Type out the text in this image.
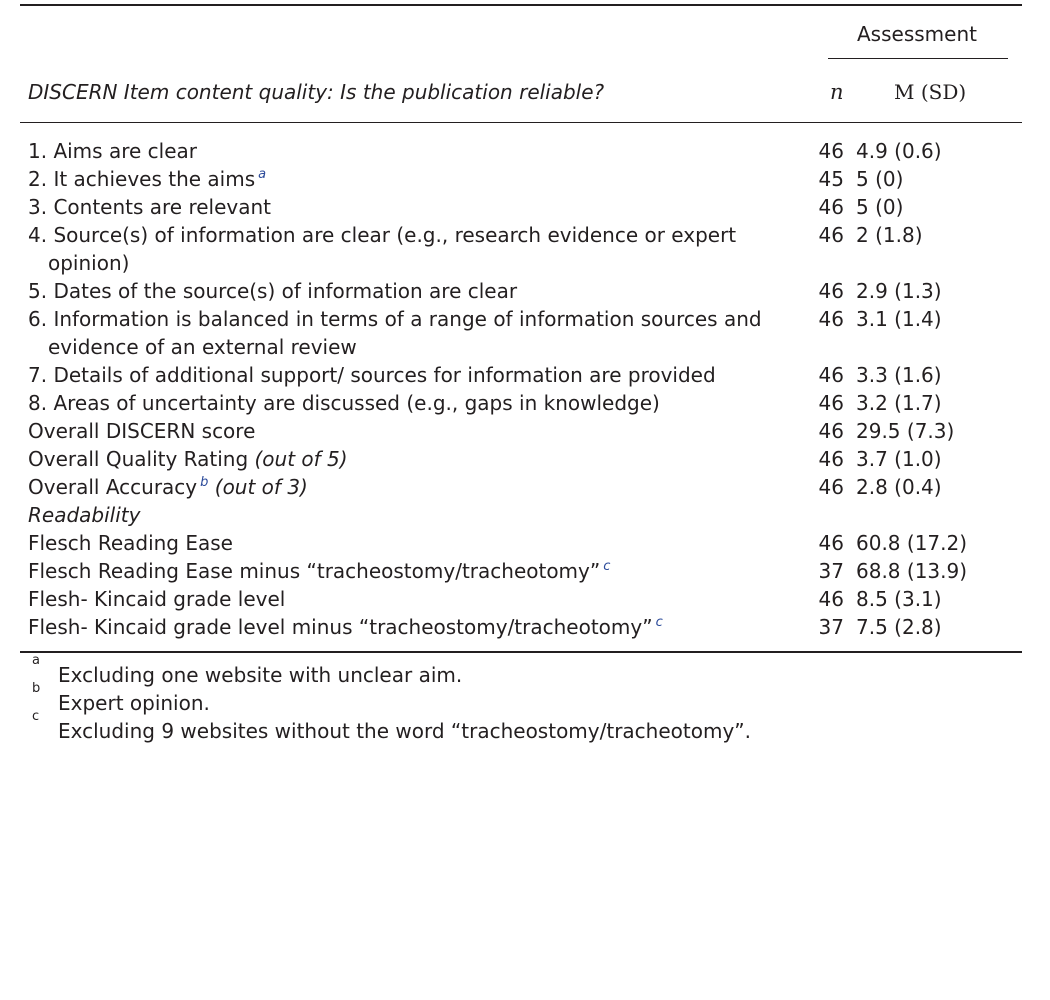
Assessment
DISCERN Item content quality: Is the publication reliable?	n	M (SD)
1. Aims are clear	46 4.9 (0.6)
2. It achieves the aims $^a$	45 5 (0)
3. Contents are relevant	46 5 (0)
4. Source(s) of information are clear (e.g., research evidence or expert opinion)
46 2 (1.8)
5. Dates of the source(s) of information are clear	46 2.9 (1.3)
6. Information is balanced in terms of a range of information sources and evidence of an external review
46 3.1 (1.4)
7. Details of additional support/ sources for information are provided	46 3.3 (1.6)
8. Areas of uncertainty are discussed (e.g., gaps in knowledge)	46 3.2 (1.7)
Overall DISCERN score	46 29.5 (7.3)
Overall Quality Rating (out of 5)	46 3.7 (1.0)
Overall Accuracy $^b$ (out of 3)	46 2.8 (0.4)
Readability
Flesch Reading Ease	46 60.8 (17.2)
Flesch Reading Ease minus “tracheostomy/tracheotomy” $^c$	37 68.8 (13.9)
Flesh- Kincaid grade level	46 8.5 (3.1)
Flesh- Kincaid grade level minus “tracheostomy/tracheotomy” $^c$	37 7.5 (2.8)
a
Excluding one website with unclear aim.
b
Expert opinion.
c
Excluding 9 websites without the word “tracheostomy/tracheotomy”.
